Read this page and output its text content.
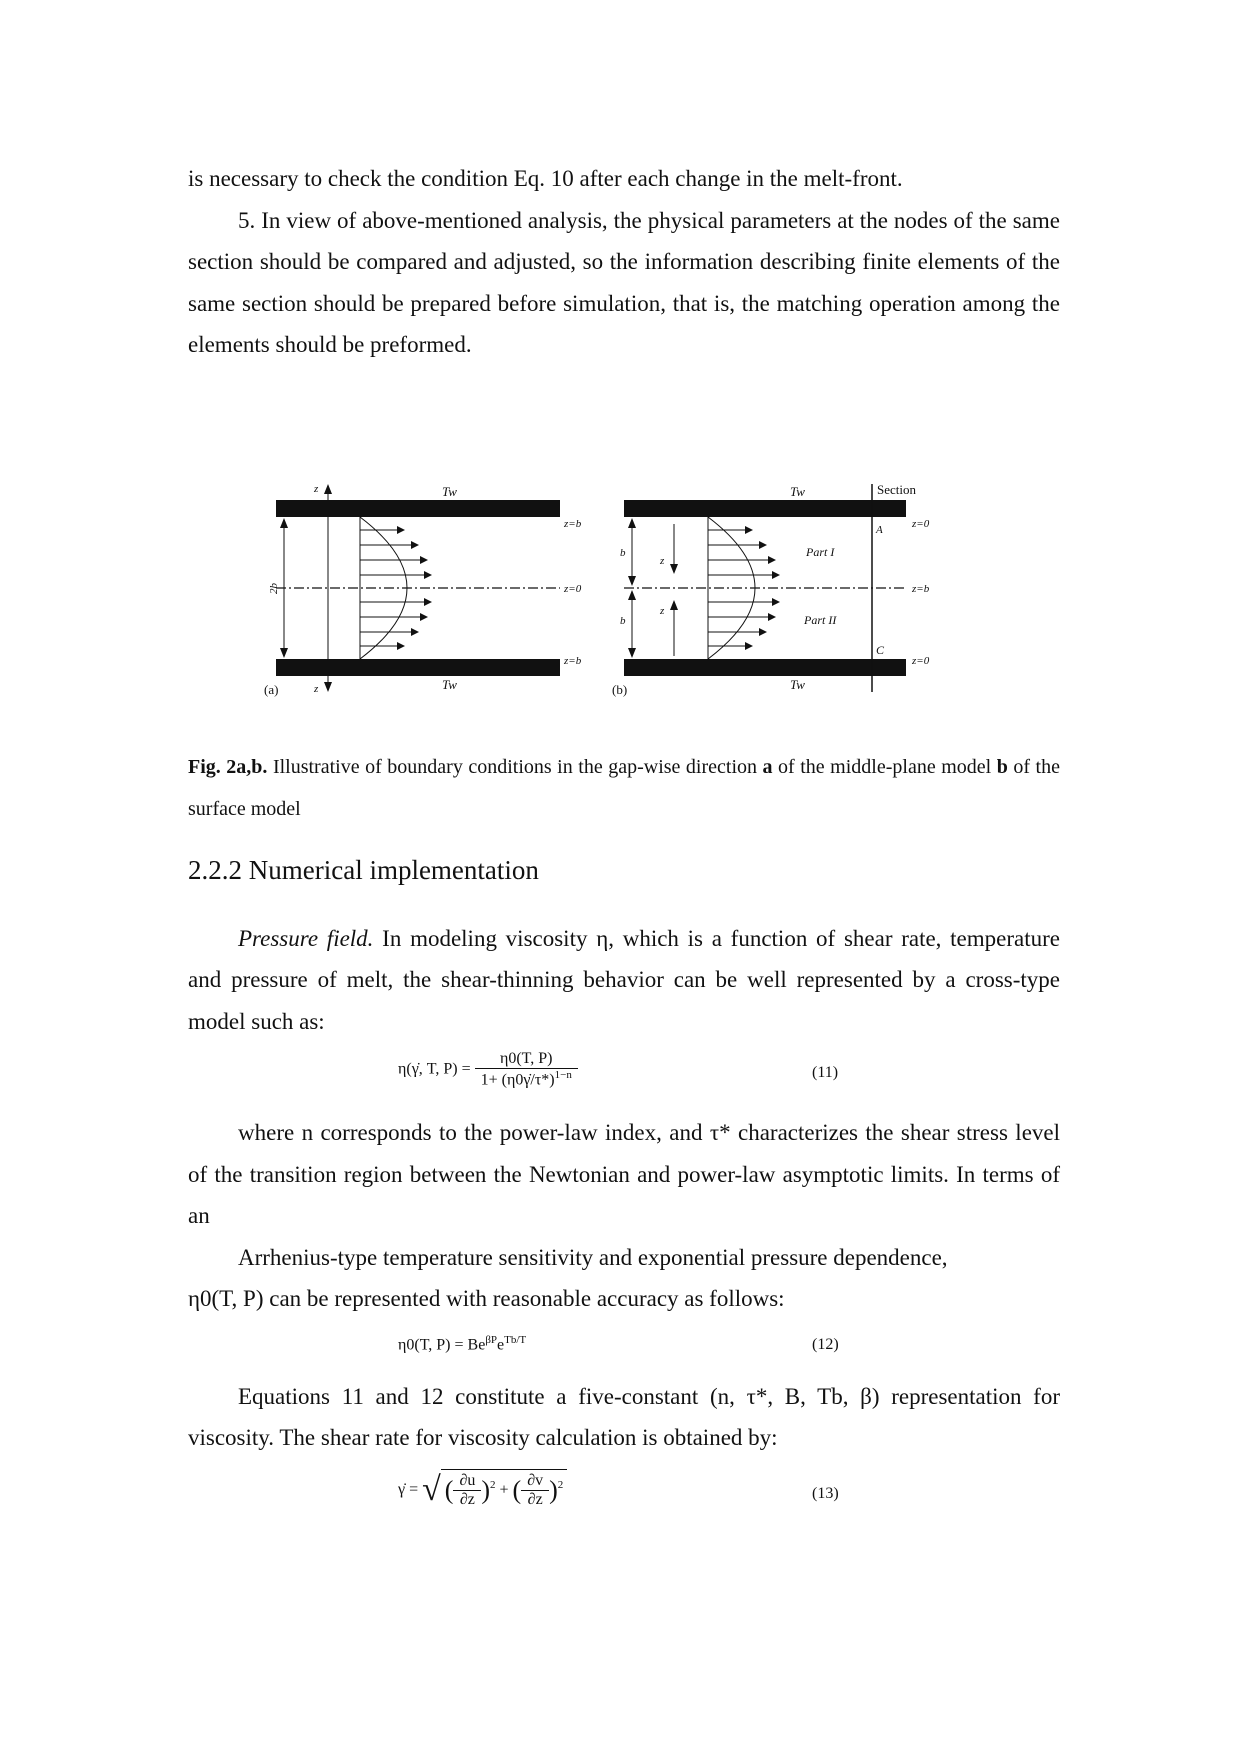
is necessary to check the condition Eq. 10 after each change in the melt-front.

5. In view of above-mentioned analysis, the physical parameters at the nodes of the same section should be compared and adjusted, so the information describing finite elements of the same section should be prepared before simulation, that is, the matching operation among the elements should be preformed.

z
z
Tw
Tw
2b
z=b
z=0
z=b
(a)
Tw
Tw
Section
z=0
z=b
z=0
A
C
Part I
Part II
z
z
b
b
(b)
Fig. 2a,b. Illustrative of boundary conditions in the gap-wise direction a of the middle-plane model b of the surface model
2.2.2 Numerical implementation

Pressure field. In modeling viscosity η, which is a function of shear rate, temperature and pressure of melt, the shear-thinning behavior can be well represented by a cross-type model such as:

η(γ̇, T, $P) = \frac{\eta 0(T, P)}{1+ (\eta 0\gammȧ/\tau*)^{1-n}}$	(11)

where n corresponds to the power-law index, and τ* characterizes the shear stress level of the transition region between the Newtonian and power-law asymptotic limits. In terms of an

Arrhenius-type temperature sensitivity and exponential pressure dependence,

η0(T, P) can be represented with reasonable accuracy as follows:

η0(T, $P) = Be^{\beta P}e^{Tb/T}$	(12)

Equations 11 and 12 constitute a five-constant (n, τ*, B, Tb, β) representation for viscosity. The shear rate for viscosity calculation is obtained by:

γ̇ = √ ( $\frac{\partial u}{\partial z} )^2$ + ( $\frac{\partial v}{\partial z} )^2$
(13)
